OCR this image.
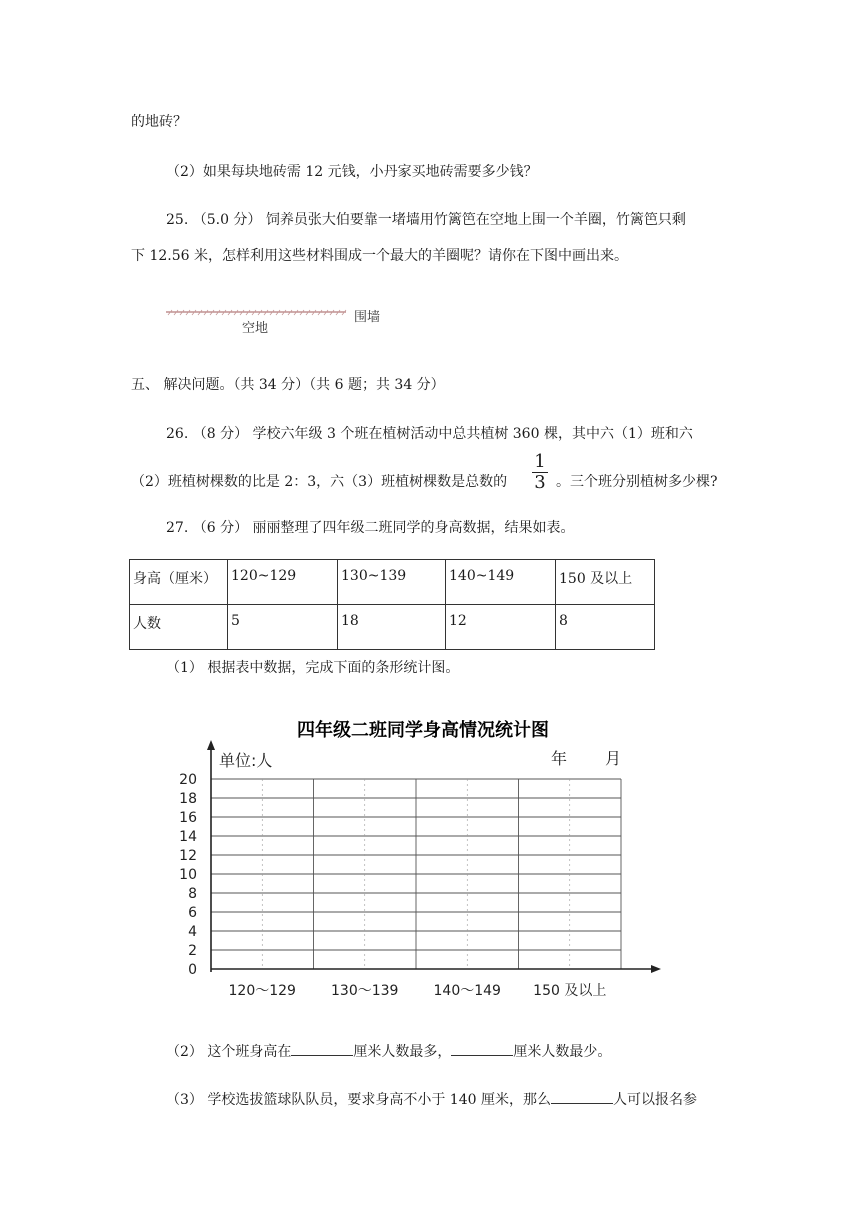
的地砖？
（2）如果每块地砖需 12 元钱，小丹家买地砖需要多少钱？
25. （5.0 分） 饲养员张大伯要靠一堵墙用竹篱笆在空地上围一个羊圈，竹篱笆只剩
下 12.56 米，怎样利用这些材料围成一个最大的羊圈呢？请你在下图中画出来。
围墙
空地
五、 解决问题。（共 34 分）（共 6 题；共 34 分）
26. （8 分） 学校六年级 3 个班在植树活动中总共植树 360 棵，其中六（1）班和六
（2）班植树棵数的比是 2：3，六（3）班植树棵数是总数的
1
3 。三个班分别植树多少棵?
27. （6 分） 丽丽整理了四年级二班同学的身高数据，结果如表。
身高（厘米）	120~129	130~139	140~149	150 及以上
人数	5	18	12	8
（1） 根据表中数据，完成下面的条形统计图。
四年级二班同学身高情况统计图
单位:人	年 月
0
2
4
6
8
10
12
14
16
18
20
120～129	130～139	140～149 150 及以上
（2） 这个班身高在	厘米人数最多，	厘米人数最少。
（3） 学校选拔篮球队队员，要求身高不小于 140 厘米，那么	人可以报名参
